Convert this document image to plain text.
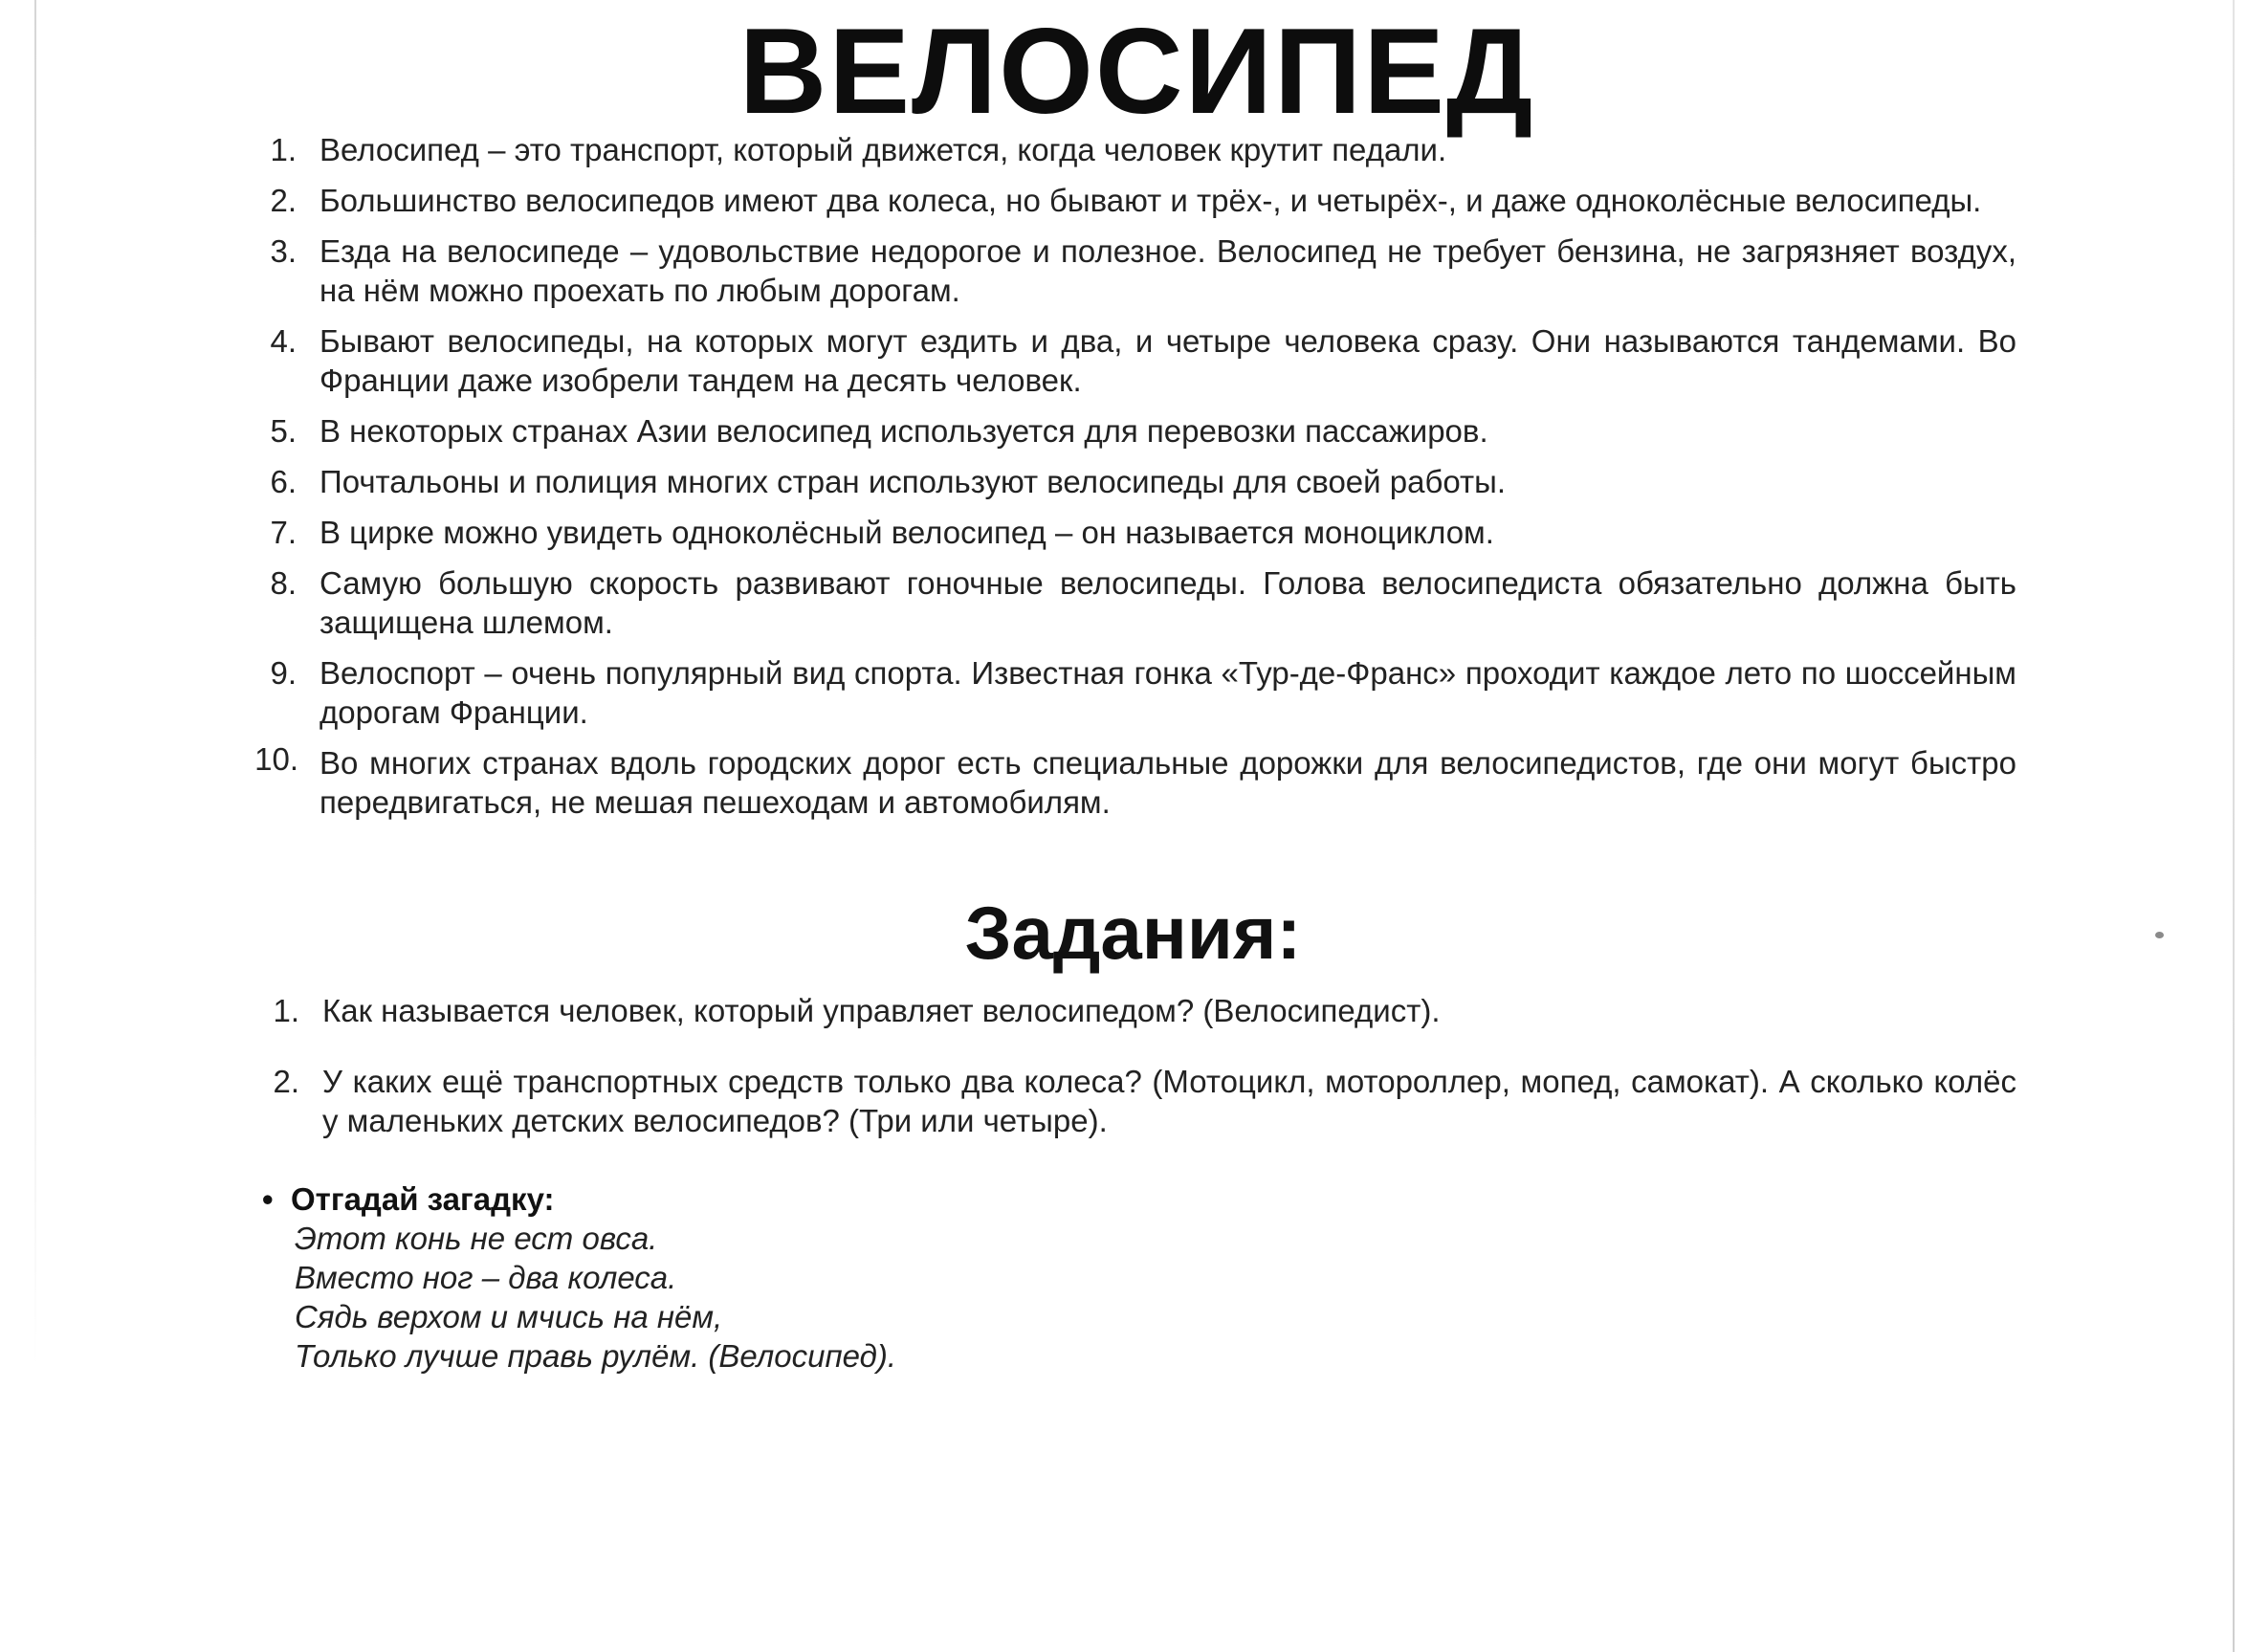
ВЕЛОСИПЕД
1. Велосипед – это транспорт, который движется, когда человек крутит педали.
2. Большинство велосипедов имеют два колеса, но бывают и трёх-, и четырёх-, и даже одноколёсные велосипеды.
3. Езда на велосипеде – удовольствие недорогое и полезное. Велосипед не требует бензина, не загрязняет воздух, на нём можно проехать по любым дорогам.
4. Бывают велосипеды, на которых могут ездить и два, и четыре человека сразу. Они называются тандемами. Во Франции даже изобрели тандем на десять человек.
5. В некоторых странах Азии велосипед используется для перевозки пассажиров.
6. Почтальоны и полиция многих стран используют велосипеды для своей работы.
7. В цирке можно увидеть одноколёсный велосипед – он называется моноциклом.
8. Самую большую скорость развивают гоночные велосипеды. Голова велосипедиста обязательно должна быть защищена шлемом.
9. Велоспорт – очень популярный вид спорта. Известная гонка «Тур-де-Франс» проходит каждое лето по шоссейным дорогам Франции.
10. Во многих странах вдоль городских дорог есть специальные дорожки для велосипедистов, где они могут быстро передвигаться, не мешая пешеходам и автомобилям.
Задания:
1. Как называется человек, который управляет велосипедом? (Велосипедист).
2. У каких ещё транспортных средств только два колеса? (Мотоцикл, мотороллер, мопед, самокат). А сколько колёс у маленьких детских велосипедов? (Три или четыре).
• Отгадай загадку:
Этот конь не ест овса.
Вместо ног – два колеса.
Сядь верхом и мчись на нём,
Только лучше правь рулём. (Велосипед).
